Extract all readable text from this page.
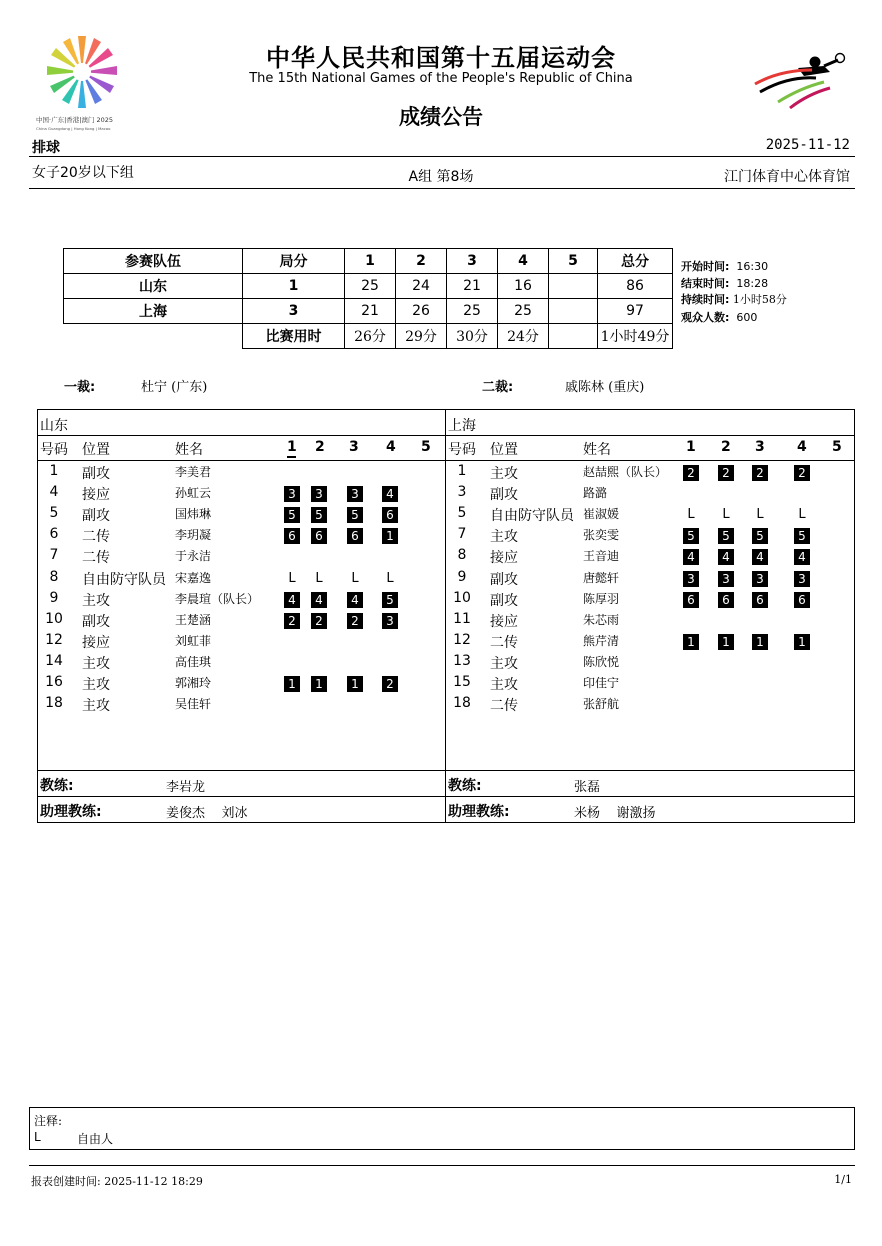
中国·广东|香港|澳门 2025
China Guangdong | Hong Kong | Macao
中华人民共和国第十五届运动会
The 15th National Games of the People's Republic of China
成绩公告
排球	2025-11-12
女子20岁以下组	A组 第8场	江门体育中心体育馆
参赛队伍	局分	1	2	3	4	5	总分
山东	1	25	24	21	16		86
上海	3	21	26	25	25		97
	比赛用时	26分	29分	30分	24分		1小时49分
开始时间: 16:30
结束时间: 18:28
持续时间: 1小时58分
观众人数: 600
一裁:	杜宁 (广东)	二裁:	戚陈林 (重庆)
山东	上海
号码 位置	姓名	1 2 3 4 5 号码 位置	姓名	1 2 3 4 5
1	副攻	李美君
4	接应	孙虹云	3	3	3	4
5	副攻	国炜琳	5	5	5	6
6	二传	李玥凝	6	6	6	1
7	二传	于永洁
8	自由防守队员 宋嘉逸	L	L	L	L
9	主攻	李晨瑄（队长）	4	4	4	5
10	副攻	王楚涵	2	2	2	3
12	接应	刘虹菲
14	主攻	高佳琪
16	主攻	郭湘玲	1	1	1	2
18	主攻	吴佳轩
1	主攻	赵喆熙（队长）	2	2	2	2
3	副攻	路潞
5	自由防守队员 崔淑媛	L	L	L	L
7	主攻	张奕雯	5	5	5	5
8	接应	王音迪	4	4	4	4
9	副攻	唐懿轩	3	3	3	3
10	副攻	陈厚羽	6	6	6	6
11	接应	朱芯雨
12	二传	熊芹清	1	1	1	1
13	主攻	陈欣悦
15	主攻	印佳宁
18	二传	张舒航
教练:	李岩龙
助理教练:	姜俊杰    刘冰
教练:	张磊
助理教练:	米杨    谢激扬
注释:
L	自由人
报表创建时间: 2025-11-12 18:29	1/1
